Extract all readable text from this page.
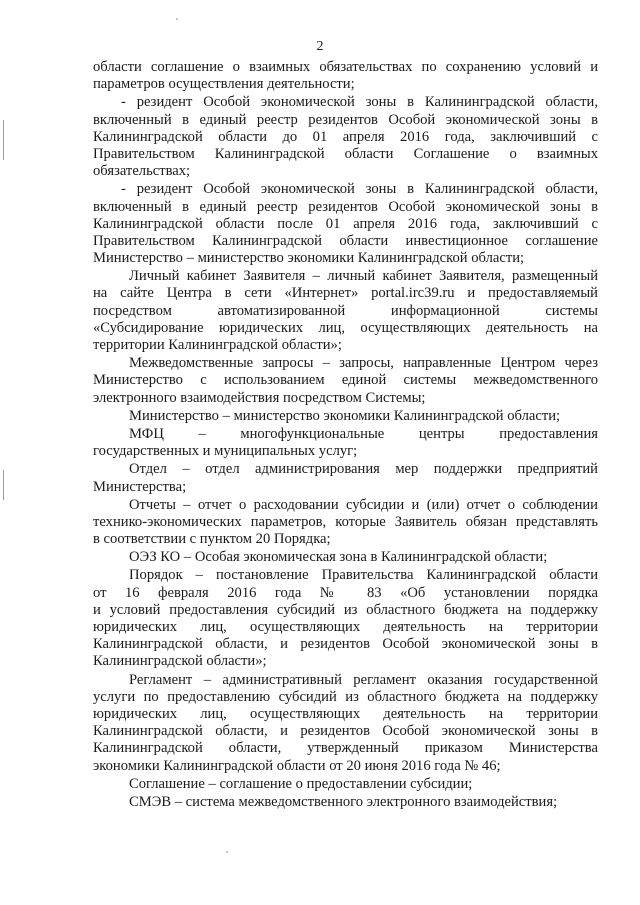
2
области соглашение о взаимных обязательствах по сохранению условий и
параметров осуществления деятельности;
- резидент Особой экономической зоны в Калининградской области,
включенный в единый реестр резидентов Особой экономической зоны в
Калининградской области до 01 апреля 2016 года, заключивший с
Правительством Калининградской области Соглашение о взаимных
обязательствах;
- резидент Особой экономической зоны в Калининградской области,
включенный в единый реестр резидентов Особой экономической зоны в
Калининградской области после 01 апреля 2016 года, заключивший с
Правительством Калининградской области инвестиционное соглашение
Министерство – министерство экономики Калининградской области;
Личный кабинет Заявителя – личный кабинет Заявителя, размещенный
на сайте Центра в сети «Интернет» portal.irc39.ru и предоставляемый
посредством автоматизированной информационной системы
«Субсидирование юридических лиц, осуществляющих деятельность на
территории Калининградской области»;
Межведомственные запросы – запросы, направленные Центром через
Министерство с использованием единой системы межведомственного
электронного взаимодействия посредством Системы;
Министерство – министерство экономики Калининградской области;
МФЦ – многофункциональные центры предоставления
государственных и муниципальных услуг;
Отдел – отдел администрирования мер поддержки предприятий
Министерства;
Отчеты – отчет о расходовании субсидии и (или) отчет о соблюдении
технико-экономических параметров, которые Заявитель обязан представлять
в соответствии с пунктом 20 Порядка;
ОЭЗ КО – Особая экономическая зона в Калининградской области;
Порядок – постановление Правительства Калининградской области
от 16 февраля 2016 года № 83 «Об установлении порядка
и условий предоставления субсидий из областного бюджета на поддержку
юридических лиц, осуществляющих деятельность на территории
Калининградской области, и резидентов Особой экономической зоны в
Калининградской области»;
Регламент – административный регламент оказания государственной
услуги по предоставлению субсидий из областного бюджета на поддержку
юридических лиц, осуществляющих деятельность на территории
Калининградской области, и резидентов Особой экономической зоны в
Калининградской области, утвержденный приказом Министерства
экономики Калининградской области от 20 июня 2016 года № 46;
Соглашение – соглашение о предоставлении субсидии;
СМЭВ – система межведомственного электронного взаимодействия;
